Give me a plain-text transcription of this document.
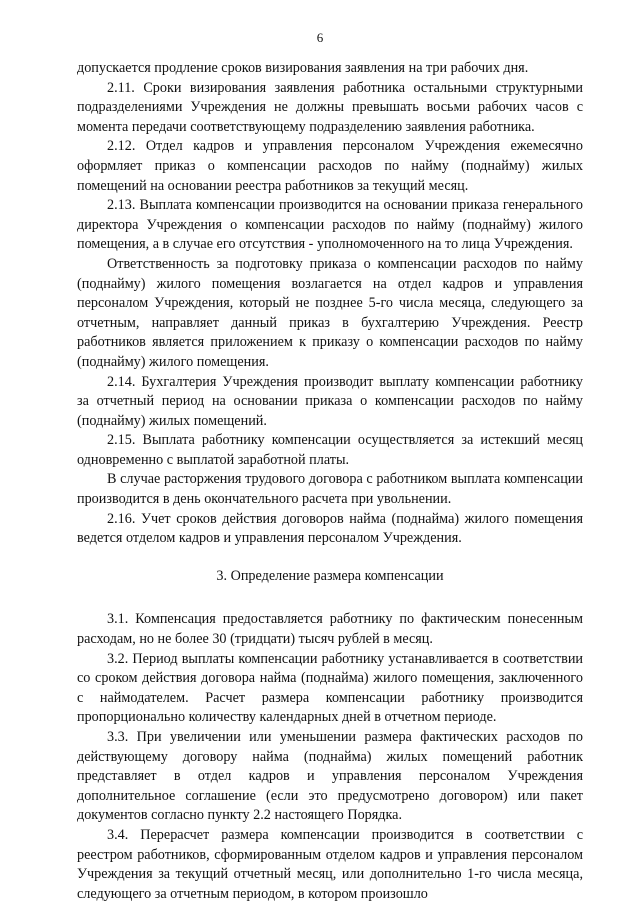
6

допускается продление сроков визирования заявления на три рабочих дня.

2.11. Сроки визирования заявления работника остальными структурными подразделениями Учреждения не должны превышать восьми рабочих часов с момента передачи соответствующему подразделению заявления работника.

2.12. Отдел кадров и управления персоналом Учреждения ежемесячно оформляет приказ о компенсации расходов по найму (поднайму) жилых помещений на основании реестра работников за текущий месяц.

2.13. Выплата компенсации производится на основании приказа генерального директора Учреждения о компенсации расходов по найму (поднайму) жилого помещения, а в случае его отсутствия - уполномоченного на то лица Учреждения.

Ответственность за подготовку приказа о компенсации расходов по найму (поднайму) жилого помещения возлагается на отдел кадров и управления персоналом Учреждения, который не позднее 5-го числа месяца, следующего за отчетным, направляет данный приказ в бухгалтерию Учреждения. Реестр работников является приложением к приказу о компенсации расходов по найму (поднайму) жилого помещения.

2.14. Бухгалтерия Учреждения производит выплату компенсации работнику за отчетный период на основании приказа о компенсации расходов по найму (поднайму) жилых помещений.

2.15. Выплата работнику компенсации осуществляется за истекший месяц одновременно с выплатой заработной платы.

В случае расторжения трудового договора с работником выплата компенсации производится в день окончательного расчета при увольнении.

2.16. Учет сроков действия договоров найма (поднайма) жилого помещения ведется отделом кадров и управления персоналом Учреждения.

3. Определение размера компенсации

3.1. Компенсация предоставляется работнику по фактическим понесенным расходам, но не более 30 (тридцати) тысяч рублей в месяц.

3.2. Период выплаты компенсации работнику устанавливается в соответствии со сроком действия договора найма (поднайма) жилого помещения, заключенного с наймодателем. Расчет размера компенсации работнику производится пропорционально количеству календарных дней в отчетном периоде.

3.3. При увеличении или уменьшении размера фактических расходов по действующему договору найма (поднайма) жилых помещений работник представляет в отдел кадров и управления персоналом Учреждения дополнительное соглашение (если это предусмотрено договором) или пакет документов согласно пункту 2.2 настоящего Порядка.

3.4. Перерасчет размера компенсации производится в соответствии с реестром работников, сформированным отделом кадров и управления персоналом Учреждения за текущий отчетный месяц, или дополнительно 1-го числа месяца, следующего за отчетным периодом, в котором произошло
